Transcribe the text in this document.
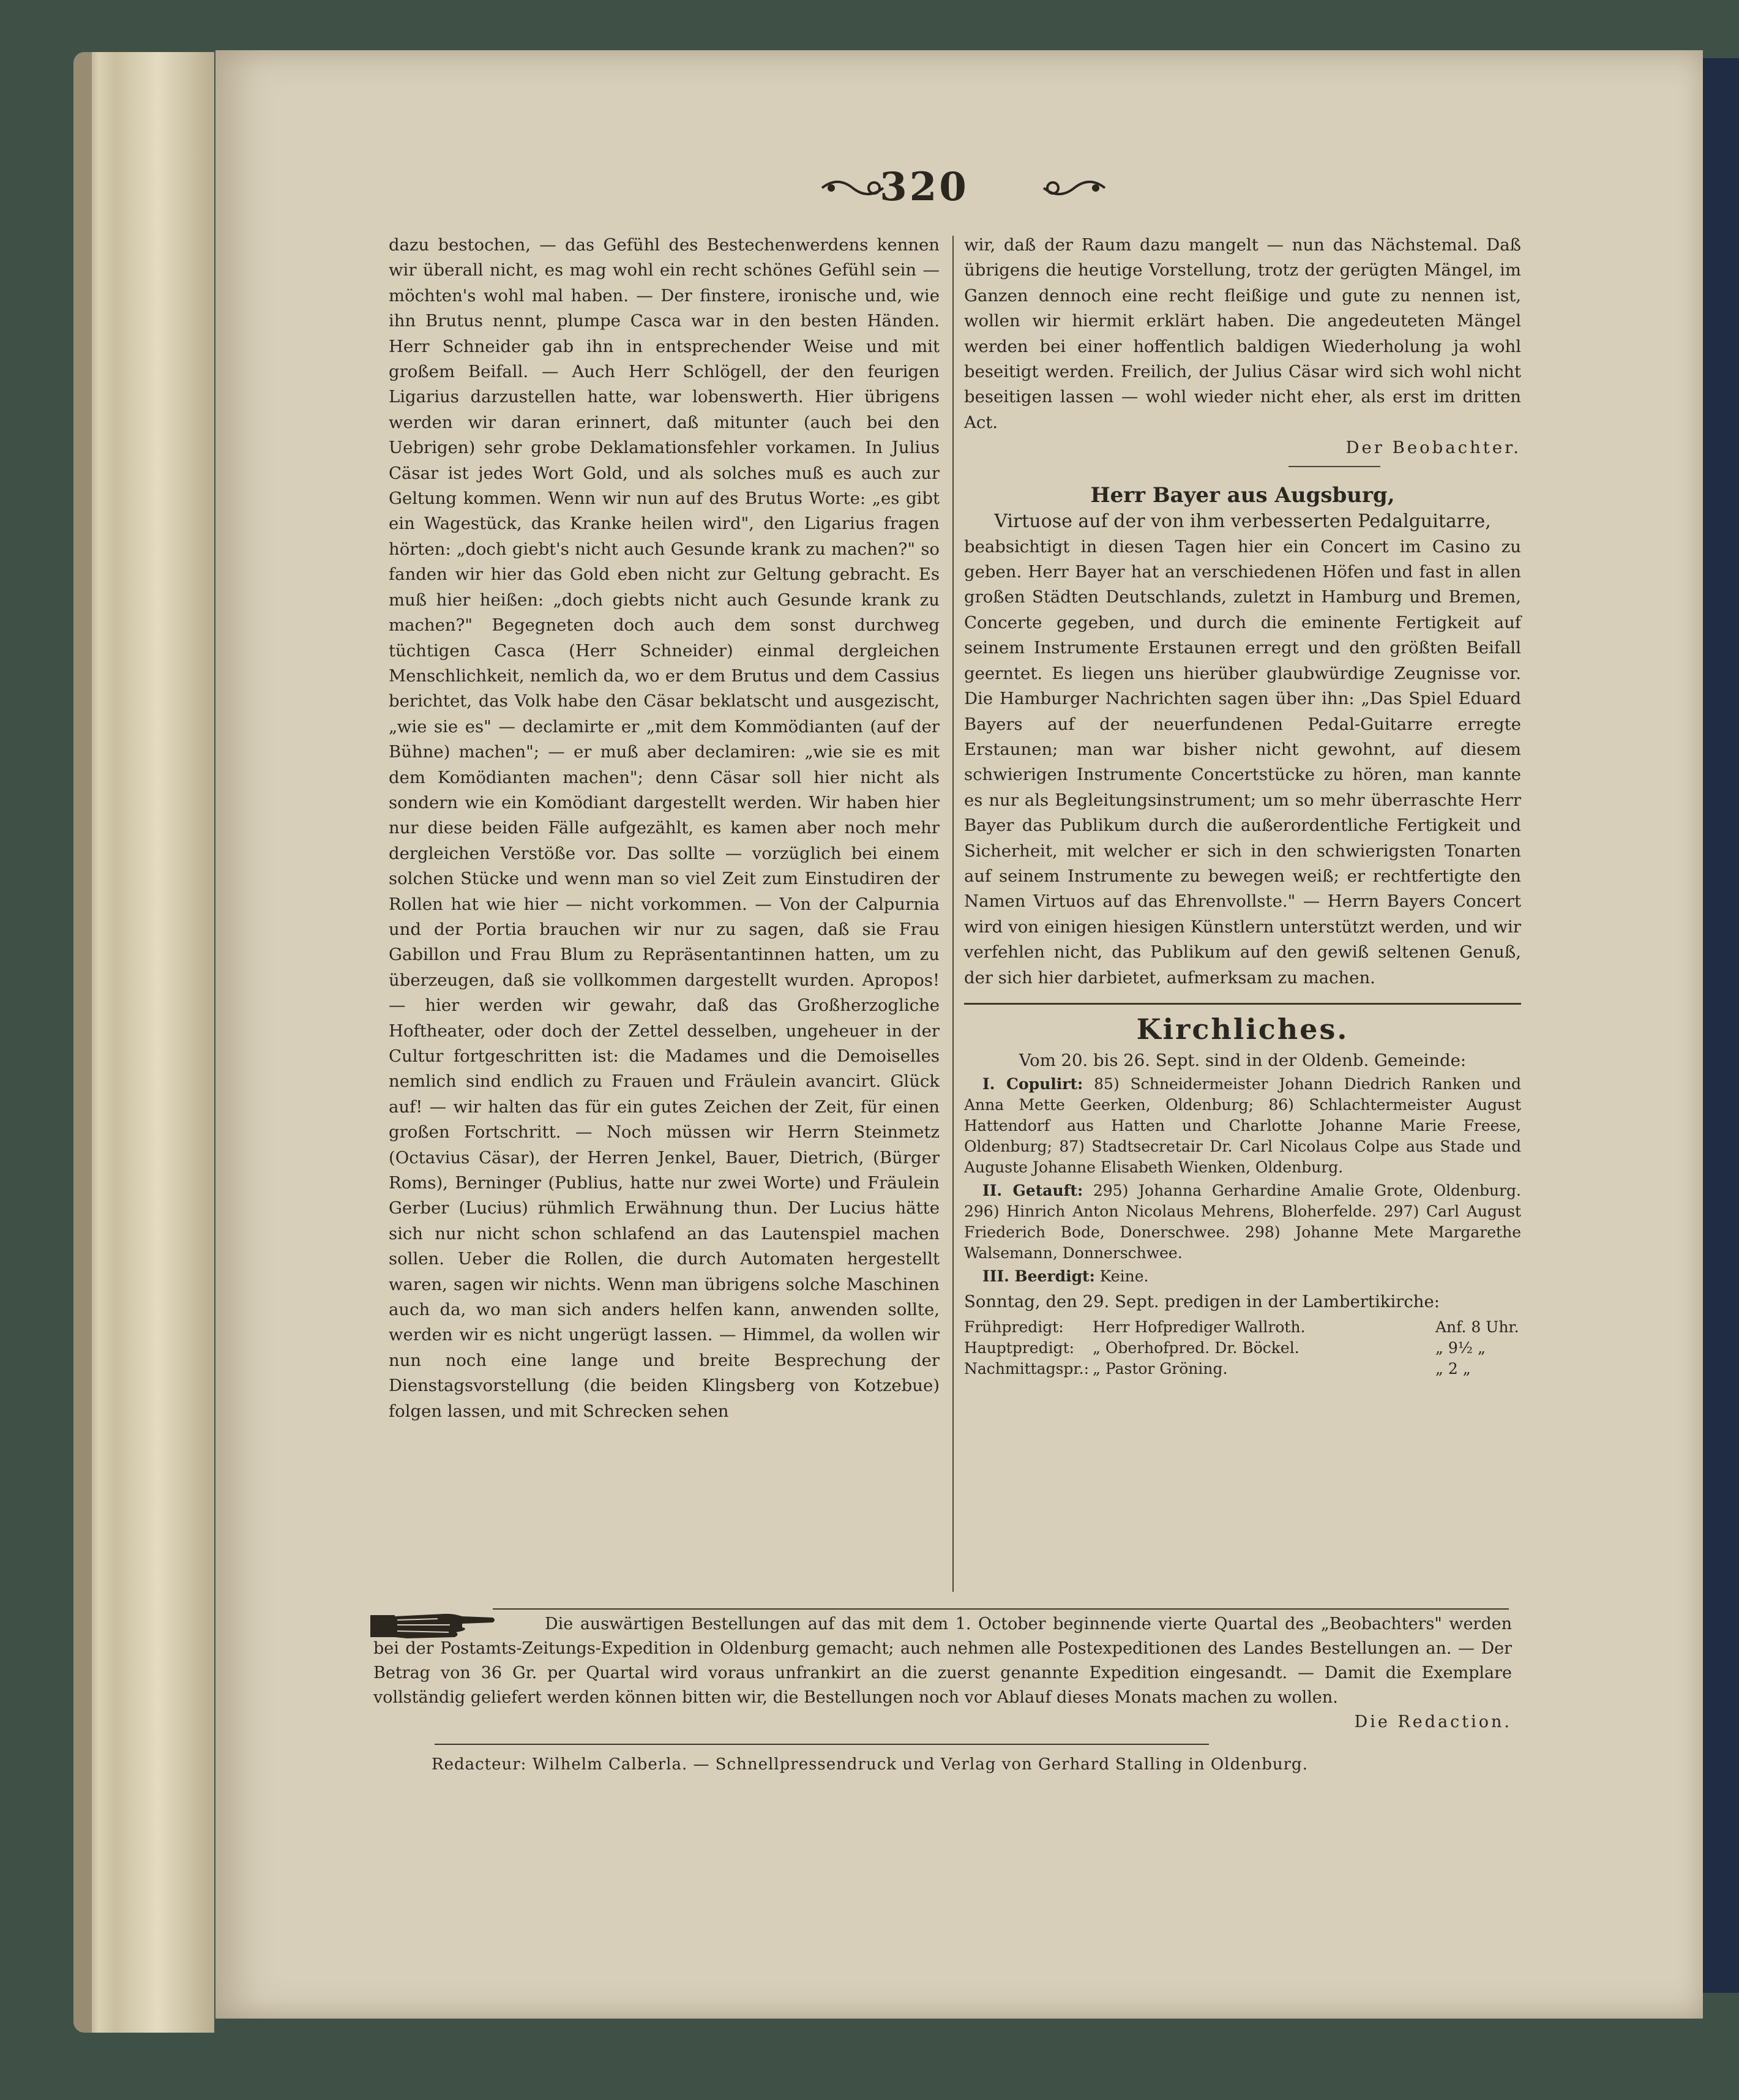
320

dazu bestochen, — das Gefühl des Bestechenwerdens kennen wir überall nicht, es mag wohl ein recht schönes Gefühl sein — möchten's wohl mal haben. — Der finstere, ironische und, wie ihn Brutus nennt, plumpe Casca war in den besten Händen. Herr Schneider gab ihn in entsprechender Weise und mit großem Beifall. — Auch Herr Schlögell, der den feurigen Ligarius darzustellen hatte, war lobenswerth. Hier übrigens werden wir daran erinnert, daß mitunter (auch bei den Uebrigen) sehr grobe Deklamationsfehler vorkamen. In Julius Cäsar ist jedes Wort Gold, und als solches muß es auch zur Geltung kommen. Wenn wir nun auf des Brutus Worte: „es gibt ein Wagestück, das Kranke heilen wird", den Ligarius fragen hörten: „doch giebt's nicht auch Gesunde krank zu machen?" so fanden wir hier das Gold eben nicht zur Geltung gebracht. Es muß hier heißen: „doch giebts nicht auch Gesunde krank zu machen?" Begegneten doch auch dem sonst durchweg tüchtigen Casca (Herr Schneider) einmal dergleichen Menschlichkeit, nemlich da, wo er dem Brutus und dem Cassius berichtet, das Volk habe den Cäsar beklatscht und ausgezischt, „wie sie es" — declamirte er „mit dem Kommödianten (auf der Bühne) machen"; — er muß aber declamiren: „wie sie es mit dem Komödianten machen"; denn Cäsar soll hier nicht als sondern wie ein Komödiant dargestellt werden. Wir haben hier nur diese beiden Fälle aufgezählt, es kamen aber noch mehr dergleichen Verstöße vor. Das sollte — vorzüglich bei einem solchen Stücke und wenn man so viel Zeit zum Einstudiren der Rollen hat wie hier — nicht vorkommen. — Von der Calpurnia und der Portia brauchen wir nur zu sagen, daß sie Frau Gabillon und Frau Blum zu Repräsentantinnen hatten, um zu überzeugen, daß sie vollkommen dargestellt wurden. Apropos! — hier werden wir gewahr, daß das Großherzogliche Hoftheater, oder doch der Zettel desselben, ungeheuer in der Cultur fortgeschritten ist: die Madames und die Demoiselles nemlich sind endlich zu Frauen und Fräulein avancirt. Glück auf! — wir halten das für ein gutes Zeichen der Zeit, für einen großen Fortschritt. — Noch müssen wir Herrn Steinmetz (Octavius Cäsar), der Herren Jenkel, Bauer, Dietrich, (Bürger Roms), Berninger (Publius, hatte nur zwei Worte) und Fräulein Gerber (Lucius) rühmlich Erwähnung thun. Der Lucius hätte sich nur nicht schon schlafend an das Lautenspiel machen sollen. Ueber die Rollen, die durch Automaten hergestellt waren, sagen wir nichts. Wenn man übrigens solche Maschinen auch da, wo man sich anders helfen kann, anwenden sollte, werden wir es nicht ungerügt lassen. — Himmel, da wollen wir nun noch eine lange und breite Besprechung der Dienstagsvorstellung (die beiden Klingsberg von Kotzebue) folgen lassen, und mit Schrecken sehen

wir, daß der Raum dazu mangelt — nun das Nächstemal. Daß übrigens die heutige Vorstellung, trotz der gerügten Mängel, im Ganzen dennoch eine recht fleißige und gute zu nennen ist, wollen wir hiermit erklärt haben. Die angedeuteten Mängel werden bei einer hoffentlich baldigen Wiederholung ja wohl beseitigt werden. Freilich, der Julius Cäsar wird sich wohl nicht beseitigen lassen — wohl wieder nicht eher, als erst im dritten Act.

Der Beobachter.

Herr Bayer aus Augsburg,
Virtuose auf der von ihm verbesserten Pedalguitarre,

beabsichtigt in diesen Tagen hier ein Concert im Casino zu geben. Herr Bayer hat an verschiedenen Höfen und fast in allen großen Städten Deutschlands, zuletzt in Hamburg und Bremen, Concerte gegeben, und durch die eminente Fertigkeit auf seinem Instrumente Erstaunen erregt und den größten Beifall geerntet. Es liegen uns hierüber glaubwürdige Zeugnisse vor. Die Hamburger Nachrichten sagen über ihn: „Das Spiel Eduard Bayers auf der neuerfundenen Pedal-Guitarre erregte Erstaunen; man war bisher nicht gewohnt, auf diesem schwierigen Instrumente Concertstücke zu hören, man kannte es nur als Begleitungsinstrument; um so mehr überraschte Herr Bayer das Publikum durch die außerordentliche Fertigkeit und Sicherheit, mit welcher er sich in den schwierigsten Tonarten auf seinem Instrumente zu bewegen weiß; er rechtfertigte den Namen Virtuos auf das Ehrenvollste." — Herrn Bayers Concert wird von einigen hiesigen Künstlern unterstützt werden, und wir verfehlen nicht, das Publikum auf den gewiß seltenen Genuß, der sich hier darbietet, aufmerksam zu machen.

Kirchliches.

Vom 20. bis 26. Sept. sind in der Oldenb. Gemeinde:

I. Copulirt: 85) Schneidermeister Johann Diedrich Ranken und Anna Mette Geerken, Oldenburg; 86) Schlachtermeister August Hattendorf aus Hatten und Charlotte Johanne Marie Freese, Oldenburg; 87) Stadtsecretair Dr. Carl Nicolaus Colpe aus Stade und Auguste Johanne Elisabeth Wienken, Oldenburg.
II. Getauft: 295) Johanna Gerhardine Amalie Grote, Oldenburg. 296) Hinrich Anton Nicolaus Mehrens, Bloherfelde. 297) Carl August Friederich Bode, Donerschwee. 298) Johanne Mete Margarethe Walsemann, Donnerschwee.
III. Beerdigt: Keine.

Sonntag, den 29. Sept. predigen in der Lambertikirche:

Frühpredigt:	Herr Hofprediger Wallroth.	Anf. 8 Uhr.
Hauptpredigt:	„ Oberhofpred. Dr. Böckel.	„ 9½ „
Nachmittagspr.: „ Pastor Gröning.	„ 2 „

Die auswärtigen Bestellungen auf das mit dem 1. October beginnende vierte Quartal des „Beobachters" werden bei der Postamts-Zeitungs-Expedition in Oldenburg gemacht; auch nehmen alle Postexpeditionen des Landes Bestellungen an. — Der Betrag von 36 Gr. per Quartal wird voraus unfrankirt an die zuerst genannte Expedition eingesandt. — Damit die Exemplare vollständig geliefert werden können bitten wir, die Bestellungen noch vor Ablauf dieses Monats machen zu wollen.

Die Redaction.
Redacteur: Wilhelm Calberla. — Schnellpressendruck und Verlag von Gerhard Stalling in Oldenburg.
